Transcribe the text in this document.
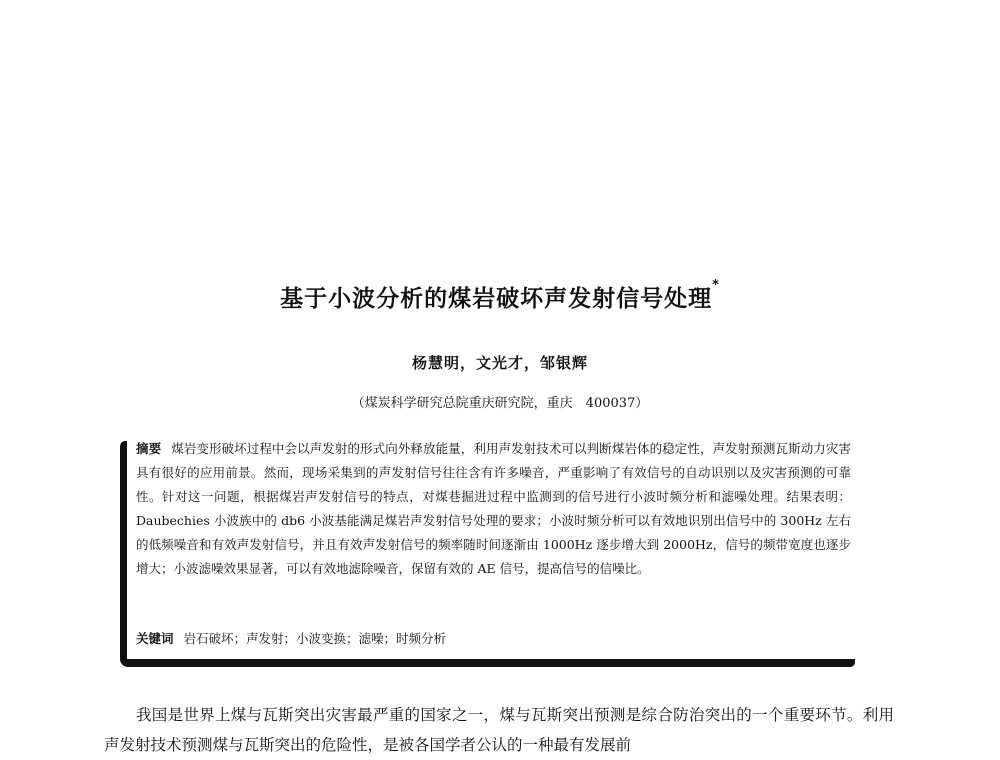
基于小波分析的煤岩破坏声发射信号处理*
杨慧明，文光才，邹银辉
（煤炭科学研究总院重庆研究院，重庆　400037）

摘要 煤岩变形破坏过程中会以声发射的形式向外释放能量，利用声发射技术可以判断煤岩体的稳定性，声发射预测瓦斯动力灾害具有很好的应用前景。然而，现场采集到的声发射信号往往含有许多噪音，严重影响了有效信号的自动识别以及灾害预测的可靠性。针对这一问题，根据煤岩声发射信号的特点，对煤巷掘进过程中监测到的信号进行小波时频分析和滤噪处理。结果表明：Daubechies 小波族中的 db6 小波基能满足煤岩声发射信号处理的要求；小波时频分析可以有效地识别出信号中的 300Hz 左右的低频噪音和有效声发射信号，并且有效声发射信号的频率随时间逐渐由 1000Hz 逐步增大到 2000Hz，信号的频带宽度也逐步增大；小波滤噪效果显著，可以有效地滤除噪音，保留有效的 AE 信号，提高信号的信噪比。

关键词 岩石破坏；声发射；小波变换；滤噪；时频分析

我国是世界上煤与瓦斯突出灾害最严重的国家之一，煤与瓦斯突出预测是综合防治突出的一个重要环节。利用声发射技术预测煤与瓦斯突出的危险性，是被各国学者公认的一种最有发展前
